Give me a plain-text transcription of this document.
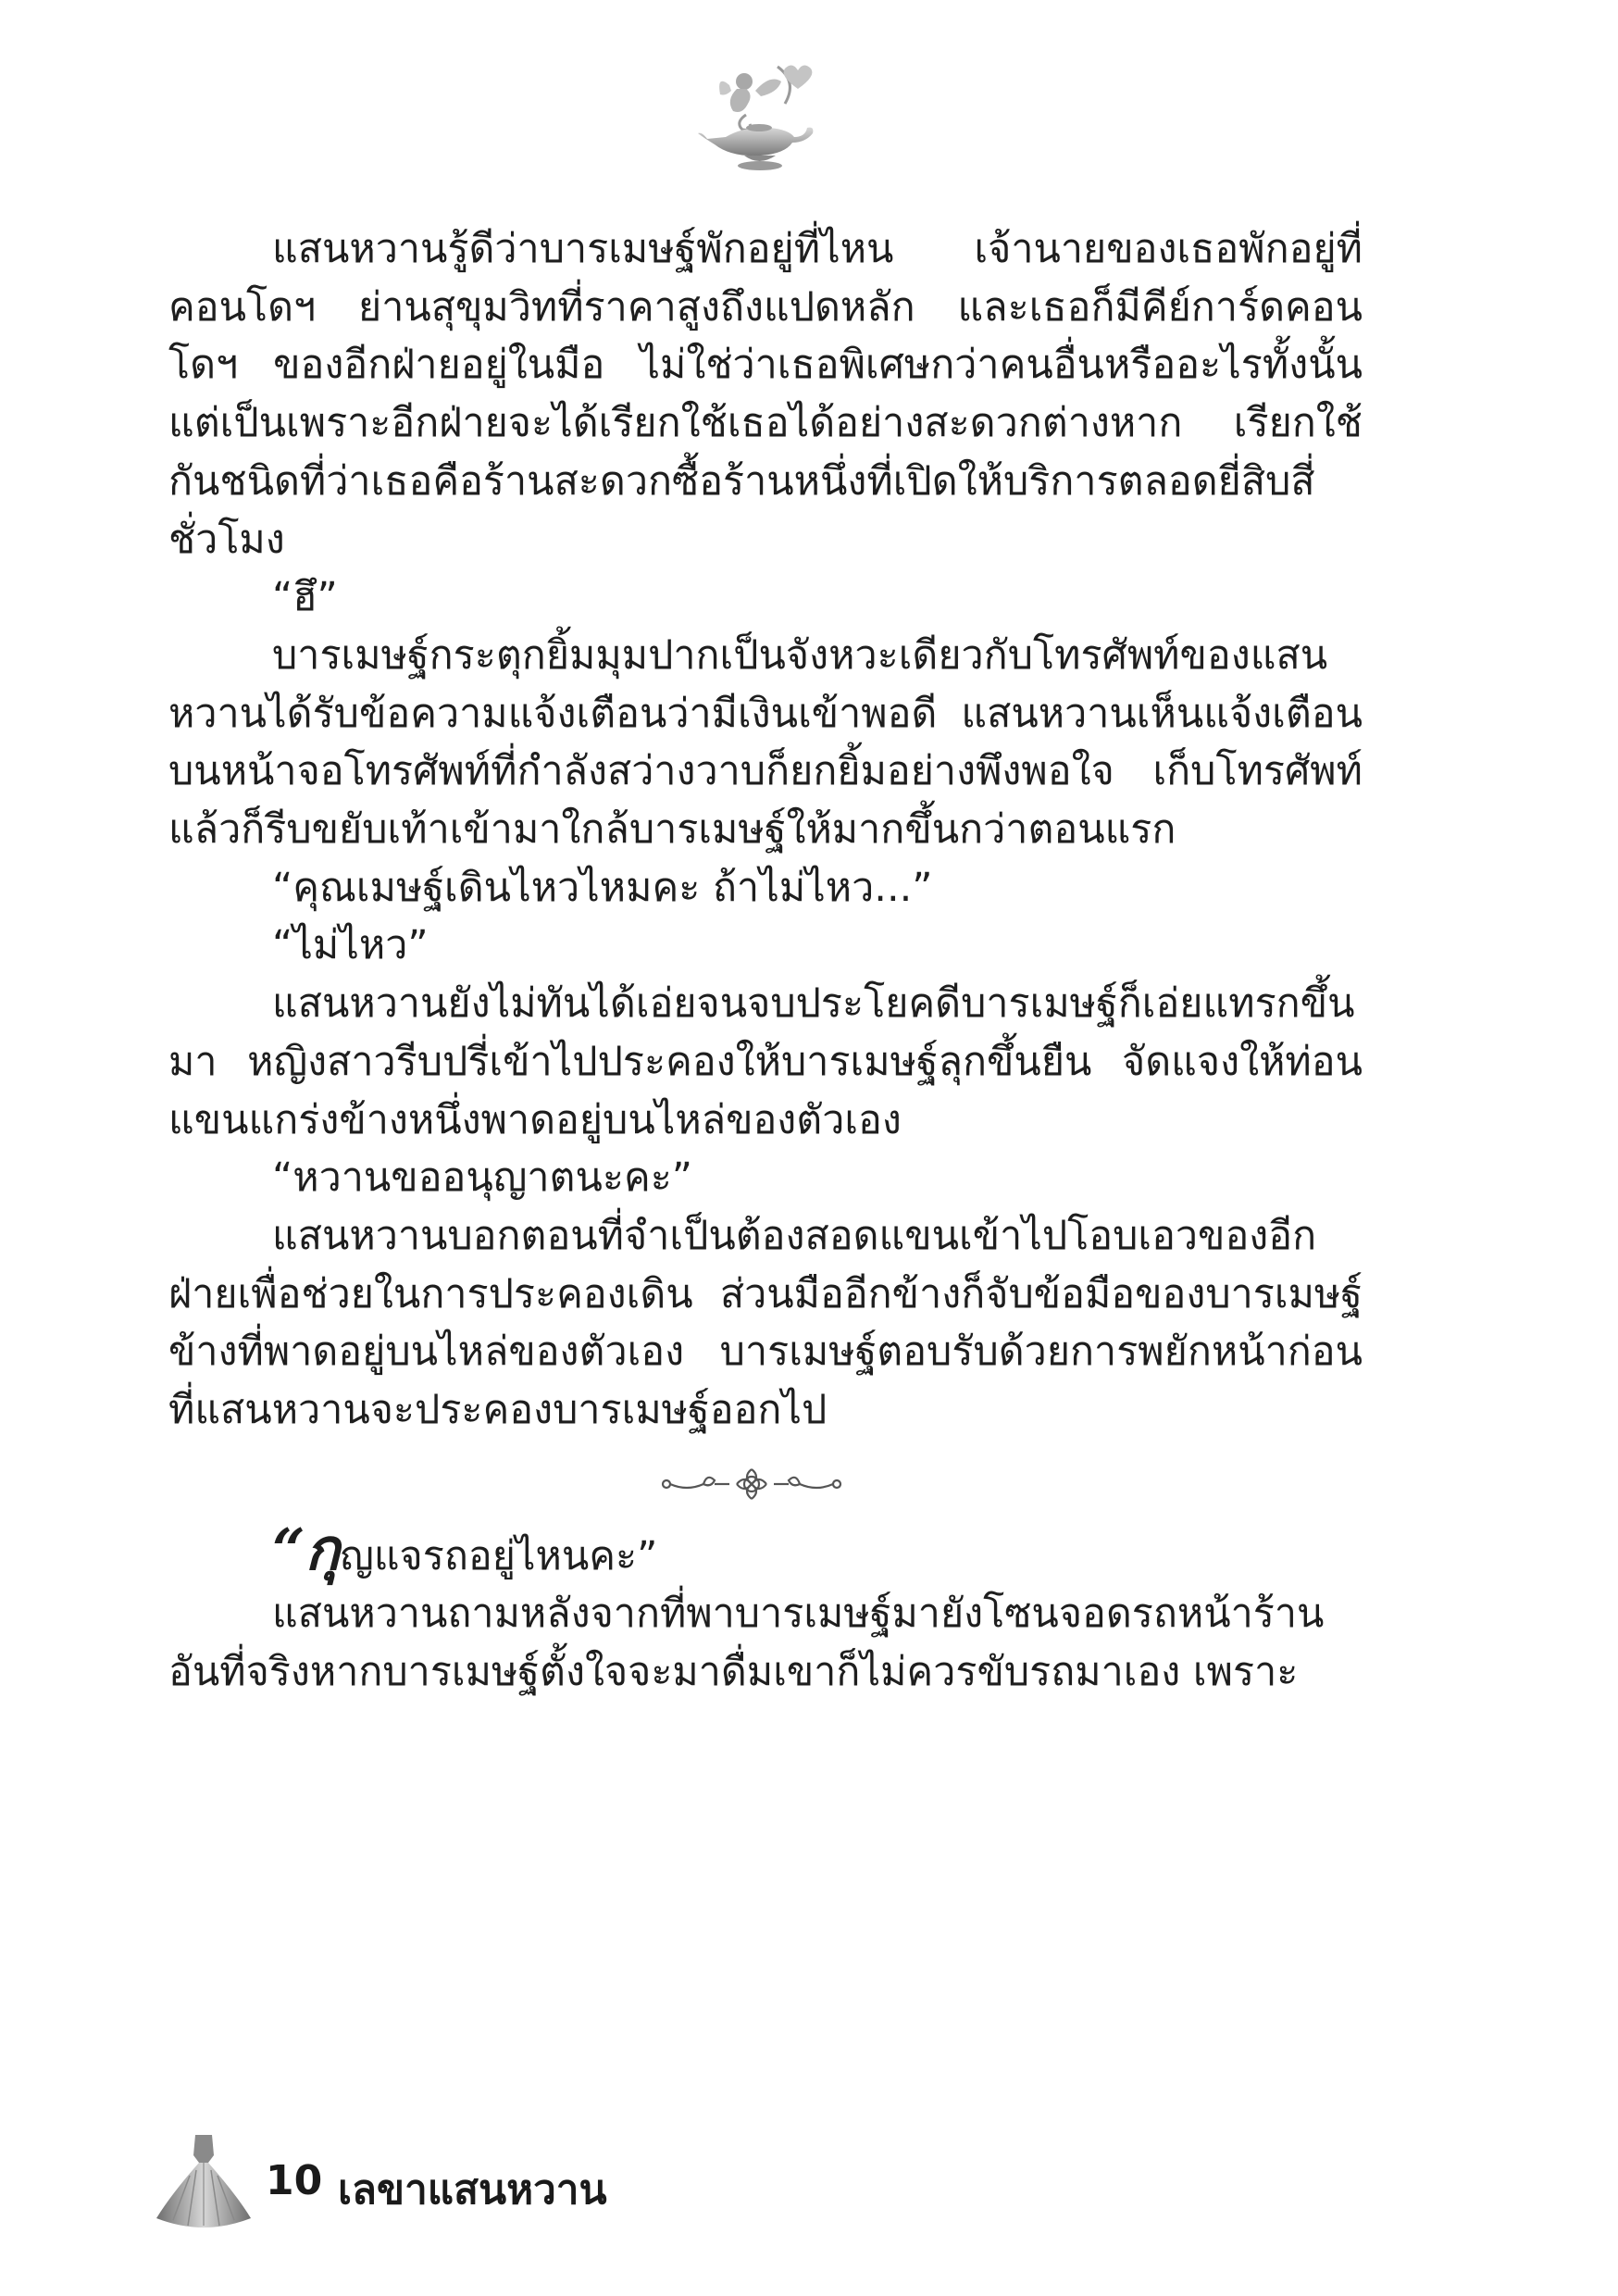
แสนหวานรู้ดีว่าบารเมษฐ์พักอยู่ที่ไหน เจ้านายของเธอพักอยู่ที่คอนโดฯ ย่านสุขุมวิทที่ราคาสูงถึงแปดหลัก และเธอก็มีคีย์การ์ดคอนโดฯ ของอีกฝ่ายอยู่ในมือ ไม่ใช่ว่าเธอพิเศษกว่าคนอื่นหรืออะไรทั้งนั้น แต่เป็นเพราะอีกฝ่ายจะได้เรียกใช้เธอได้อย่างสะดวกต่างหาก เรียกใช้กันชนิดที่ว่าเธอคือร้านสะดวกซื้อร้านหนึ่งที่เปิดให้บริการตลอดยี่สิบสี่ชั่วโมง

“ฮึ”

บารเมษฐ์กระตุกยิ้มมุมปากเป็นจังหวะเดียวกับโทรศัพท์ของแสนหวานได้รับข้อความแจ้งเตือนว่ามีเงินเข้าพอดี แสนหวานเห็นแจ้งเตือนบนหน้าจอโทรศัพท์ที่กำลังสว่างวาบก็ยกยิ้มอย่างพึงพอใจ เก็บโทรศัพท์แล้วก็รีบขยับเท้าเข้ามาใกล้บารเมษฐ์ให้มากขึ้นกว่าตอนแรก

“คุณเมษฐ์เดินไหวไหมคะ ถ้าไม่ไหว...”

“ไม่ไหว”

แสนหวานยังไม่ทันได้เอ่ยจนจบประโยคดีบารเมษฐ์ก็เอ่ยแทรกขึ้นมา หญิงสาวรีบปรี่เข้าไปประคองให้บารเมษฐ์ลุกขึ้นยืน จัดแจงให้ท่อนแขนแกร่งข้างหนึ่งพาดอยู่บนไหล่ของตัวเอง

“หวานขออนุญาตนะคะ”

แสนหวานบอกตอนที่จำเป็นต้องสอดแขนเข้าไปโอบเอวของอีกฝ่ายเพื่อช่วยในการประคองเดิน ส่วนมืออีกข้างก็จับข้อมือของบารเมษฐ์ข้างที่พาดอยู่บนไหล่ของตัวเอง บารเมษฐ์ตอบรับด้วยการพยักหน้าก่อนที่แสนหวานจะประคองบารเมษฐ์ออกไป

“กุญแจรถอยู่ไหนคะ”

แสนหวานถามหลังจากที่พาบารเมษฐ์มายังโซนจอดรถหน้าร้าน อันที่จริงหากบารเมษฐ์ตั้งใจจะมาดื่มเขาก็ไม่ควรขับรถมาเอง เพราะ

10 เลขาแสนหวาน
